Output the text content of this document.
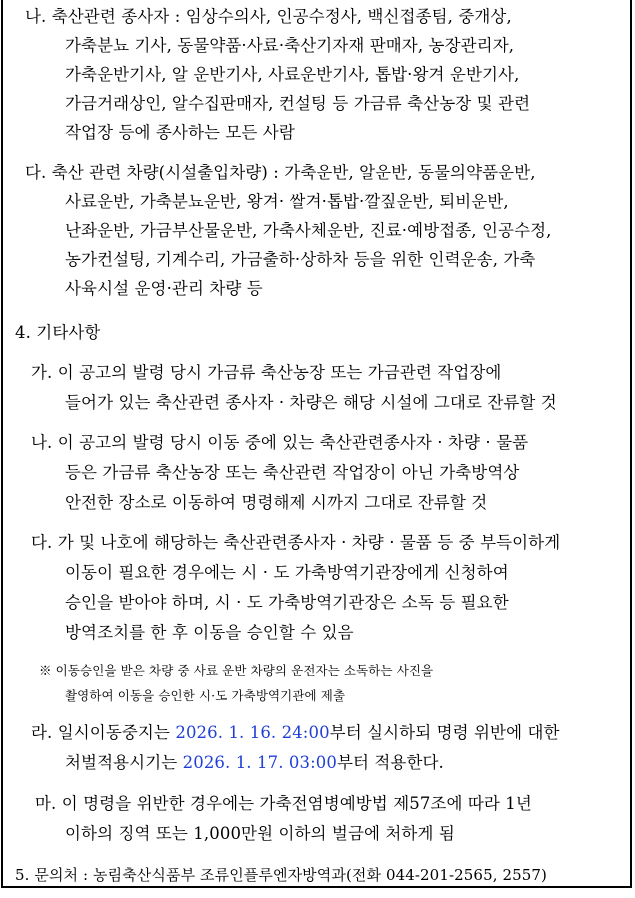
나. 축산관련 종사자 : 임상수의사, 인공수정사, 백신접종팀, 중개상,
가축분뇨 기사, 동물약품·사료·축산기자재 판매자, 농장관리자,
가축운반기사, 알 운반기사, 사료운반기사, 톱밥·왕겨 운반기사,
가금거래상인, 알수집판매자, 컨설팅 등 가금류 축산농장 및 관련
작업장 등에 종사하는 모든 사람
다. 축산 관련 차량(시설출입차량) : 가축운반, 알운반, 동물의약품운반,
사료운반, 가축분뇨운반, 왕겨· 쌀겨·톱밥·깔짚운반, 퇴비운반,
난좌운반, 가금부산물운반, 가축사체운반, 진료·예방접종, 인공수정,
농가컨설팅, 기계수리, 가금출하·상하차 등을 위한 인력운송, 가축
사육시설 운영·관리 차량 등
4. 기타사항
가. 이 공고의 발령 당시 가금류 축산농장 또는 가금관련 작업장에
들어가 있는 축산관련 종사자 · 차량은 해당 시설에 그대로 잔류할 것
나. 이 공고의 발령 당시 이동 중에 있는 축산관련종사자 · 차량 · 물품
등은 가금류 축산농장 또는 축산관련 작업장이 아닌 가축방역상
안전한 장소로 이동하여 명령해제 시까지 그대로 잔류할 것
다. 가 및 나호에 해당하는 축산관련종사자 · 차량 · 물품 등 중 부득이하게
이동이 필요한 경우에는 시 · 도 가축방역기관장에게 신청하여
승인을 받아야 하며, 시 · 도 가축방역기관장은 소독 등 필요한
방역조치를 한 후 이동을 승인할 수 있음
※ 이동승인을 받은 차량 중 사료 운반 차량의 운전자는 소독하는 사진을
촬영하여 이동을 승인한 시·도 가축방역기관에 제출
라. 일시이동중지는 2026. 1. 16. 24:00부터 실시하되 명령 위반에 대한
처벌적용시기는 2026. 1. 17. 03:00부터 적용한다.
마. 이 명령을 위반한 경우에는 가축전염병예방법 제57조에 따라 1년
이하의 징역 또는 1,000만원 이하의 벌금에 처하게 됨
5. 문의처 : 농림축산식품부 조류인플루엔자방역과(전화 044-201-2565, 2557)
